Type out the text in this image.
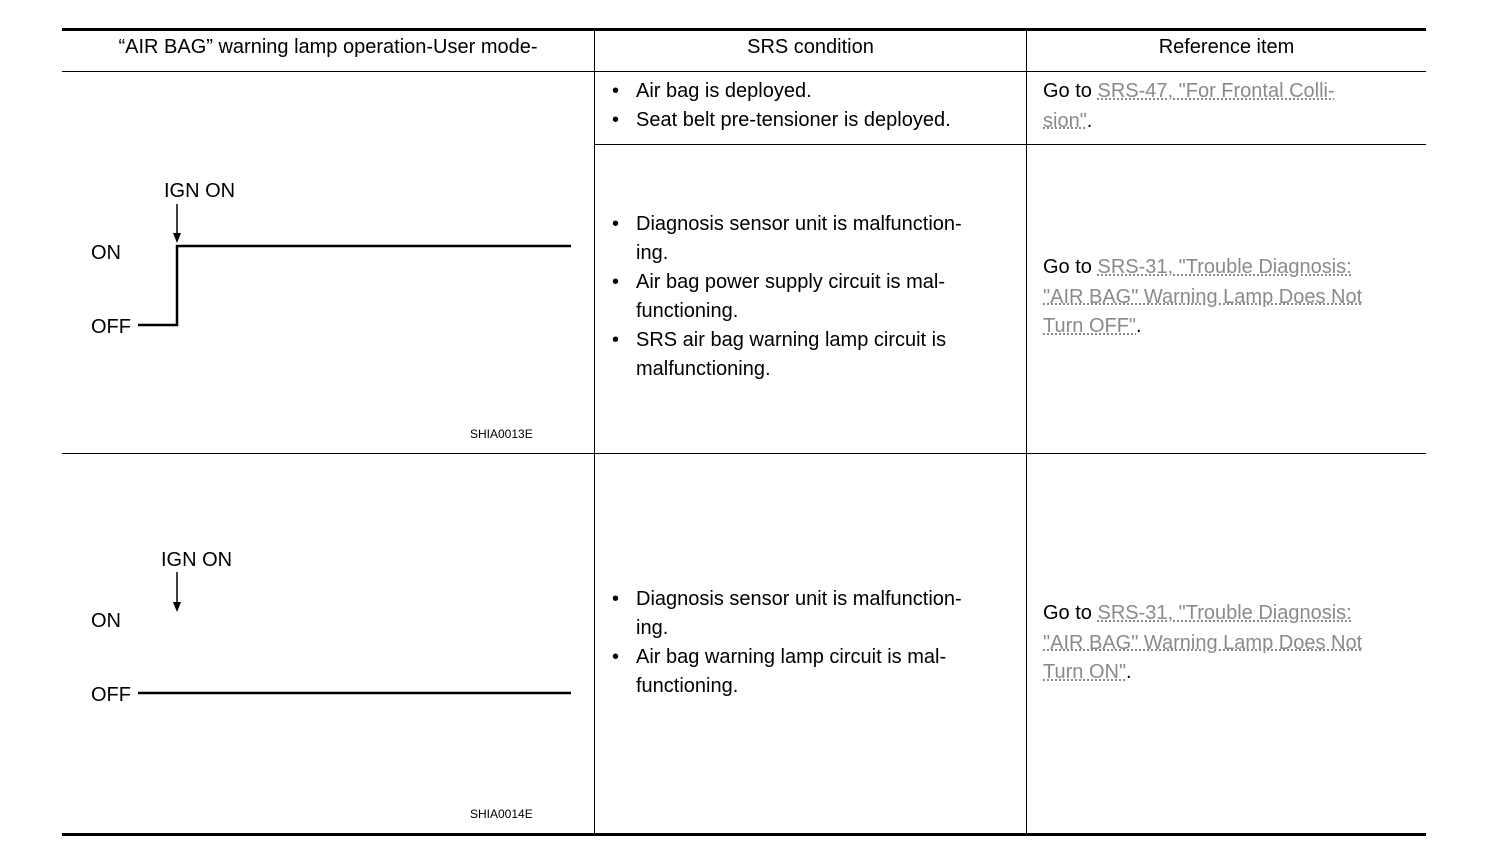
“AIR BAG” warning lamp operation-User mode-	SRS condition	Reference item
IGN ON
ON
OFF
SHIA0013E
• Air bag is deployed.
• Seat belt pre-tensioner is deployed.
Go to SRS-47, "For Frontal Colli-
sion".
• Diagnosis sensor unit is malfunction-
ing.
• Air bag power supply circuit is mal-
functioning.
• SRS air bag warning lamp circuit is
malfunctioning.
Go to SRS-31, "Trouble Diagnosis:
"AIR BAG" Warning Lamp Does Not
Turn OFF".
IGN ON
ON
OFF
SHIA0014E
• Diagnosis sensor unit is malfunction-
ing.
• Air bag warning lamp circuit is mal-
functioning.
Go to SRS-31, "Trouble Diagnosis:
"AIR BAG" Warning Lamp Does Not
Turn ON".
